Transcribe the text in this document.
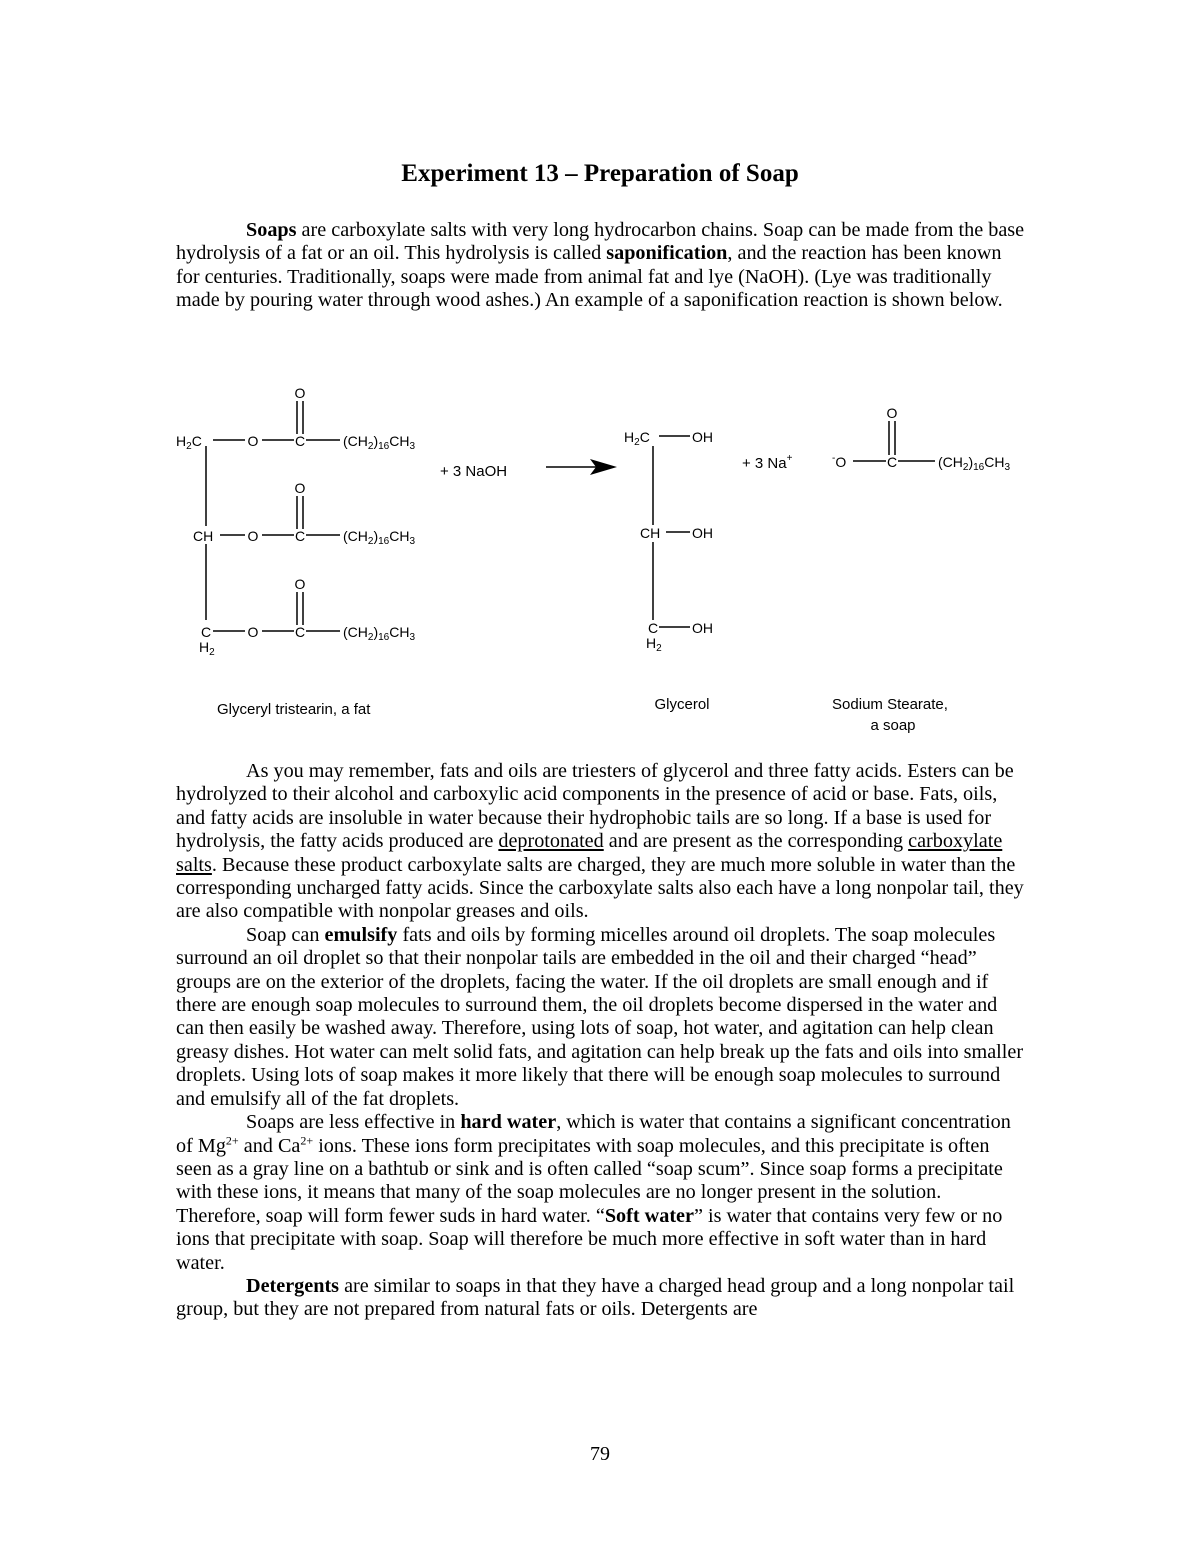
Experiment 13 – Preparation of Soap

Soaps are carboxylate salts with very long hydrocarbon chains. Soap can be made from the base hydrolysis of a fat or an oil. This hydrolysis is called saponification, and the reaction has been known for centuries. Traditionally, soaps were made from animal fat and lye (NaOH). (Lye was traditionally made by pouring water through wood ashes.) An example of a saponification reaction is shown below.

O
$H_2C$	O	C	$(CH_2)_{16}CH_3$
O
CH O	C	$(CH_2)_{16}CH_3$
O
C
$H_2$
O	C	$(CH_2)_{16}CH_3$
+ 3 NaOH
$H_2C$	OH
CH OH
C
$H_2$
OH
+ 3 Na+
O
-O	C	$(CH_2)_{16}CH_3$
Glyceryl tristearin, a fat	Glycerol	Sodium Stearate,
a soap

As you may remember, fats and oils are triesters of glycerol and three fatty acids. Esters can be hydrolyzed to their alcohol and carboxylic acid components in the presence of acid or base. Fats, oils, and fatty acids are insoluble in water because their hydrophobic tails are so long. If a base is used for hydrolysis, the fatty acids produced are deprotonated and are present as the corresponding carboxylate salts. Because these product carboxylate salts are charged, they are much more soluble in water than the corresponding uncharged fatty acids. Since the carboxylate salts also each have a long nonpolar tail, they are also compatible with nonpolar greases and oils.

Soap can emulsify fats and oils by forming micelles around oil droplets. The soap molecules surround an oil droplet so that their nonpolar tails are embedded in the oil and their charged “head” groups are on the exterior of the droplets, facing the water. If the oil droplets are small enough and if there are enough soap molecules to surround them, the oil droplets become dispersed in the water and can then easily be washed away. Therefore, using lots of soap, hot water, and agitation can help clean greasy dishes. Hot water can melt solid fats, and agitation can help break up the fats and oils into smaller droplets. Using lots of soap makes it more likely that there will be enough soap molecules to surround and emulsify all of the fat droplets.

Soaps are less effective in hard water, which is water that contains a significant concentration of $Mg^{2+}$ and $Ca^{2+}$ ions. These ions form precipitates with soap molecules, and this precipitate is often seen as a gray line on a bathtub or sink and is often called “soap scum”. Since soap forms a precipitate with these ions, it means that many of the soap molecules are no longer present in the solution. Therefore, soap will form fewer suds in hard water. “Soft water” is water that contains very few or no ions that precipitate with soap. Soap will therefore be much more effective in soft water than in hard water.

Detergents are similar to soaps in that they have a charged head group and a long nonpolar tail group, but they are not prepared from natural fats or oils. Detergents are

79
